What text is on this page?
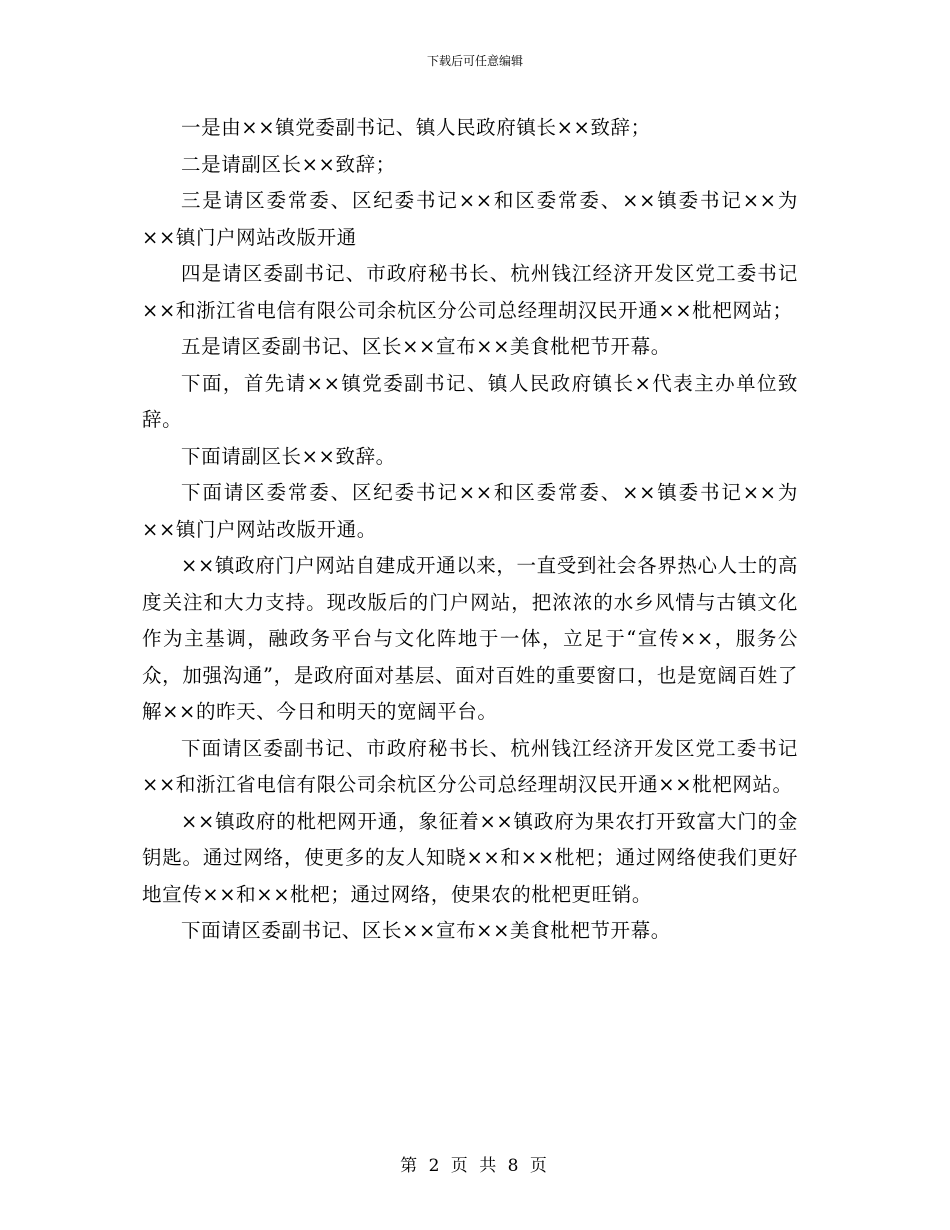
下载后可任意编辑

一是由××镇党委副书记、镇人民政府镇长××致辞；

二是请副区长××致辞；

三是请区委常委、区纪委书记××和区委常委、××镇委书记××为××镇门户网站改版开通

四是请区委副书记、市政府秘书长、杭州钱江经济开发区党工委书记××和浙江省电信有限公司余杭区分公司总经理胡汉民开通××枇杷网站；

五是请区委副书记、区长××宣布××美食枇杷节开幕。

下面，首先请××镇党委副书记、镇人民政府镇长×代表主办单位致辞。

下面请副区长××致辞。

下面请区委常委、区纪委书记××和区委常委、××镇委书记××为××镇门户网站改版开通。

××镇政府门户网站自建成开通以来，一直受到社会各界热心人士的高度关注和大力支持。现改版后的门户网站，把浓浓的水乡风情与古镇文化作为主基调，融政务平台与文化阵地于一体，立足于“宣传××，服务公众，加强沟通”，是政府面对基层、面对百姓的重要窗口，也是宽阔百姓了解××的昨天、今日和明天的宽阔平台。

下面请区委副书记、市政府秘书长、杭州钱江经济开发区党工委书记××和浙江省电信有限公司余杭区分公司总经理胡汉民开通××枇杷网站。

××镇政府的枇杷网开通，象征着××镇政府为果农打开致富大门的金钥匙。通过网络，使更多的友人知晓××和××枇杷；通过网络使我们更好地宣传××和××枇杷；通过网络，使果农的枇杷更旺销。

下面请区委副书记、区长××宣布××美食枇杷节开幕。

第 2 页 共 8 页
